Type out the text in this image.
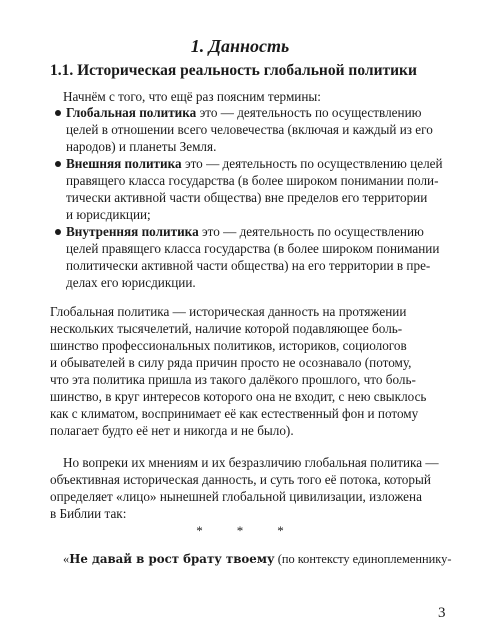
1. Данность
1.1. Историческая реальность глобальной политики
Начнём с того, что ещё раз поясним термины:
Глобальная политика это — деятельность по осуществлению
целей в отношении всего человечества (включая и каждый из его
народов) и планеты Земля.
Внешняя политика это — деятельность по осуществлению целей
правящего класса государства (в более широком понимании поли-
тически активной части общества) вне пределов его территории
и юрисдикции;
Внутренняя политика это — деятельность по осуществлению
целей правящего класса государства (в более широком понимании
политически активной части общества) на его территории в пре-
делах его юрисдикции.
Глобальная политика — историческая данность на протяжении
нескольких тысячелетий, наличие которой подавляющее боль-
шинство профессиональных политиков, историков, социологов
и обывателей в силу ряда причин просто не осознавало (потому,
что эта политика пришла из такого далёкого прошлого, что боль-
шинство, в круг интересов которого она не входит, с нею свыклось
как с климатом, воспринимает её как естественный фон и потому
полагает будто её нет и никогда и не было).
Но вопреки их мнениям и их безразличию глобальная политика —
объективная историческая данность, и суть того её потока, который
определяет «лицо» нынешней глобальной цивилизации, изложена
в Библии так:
*	*	*
«Не давай в рост брату твоему (по контексту единоплеменнику-
3
